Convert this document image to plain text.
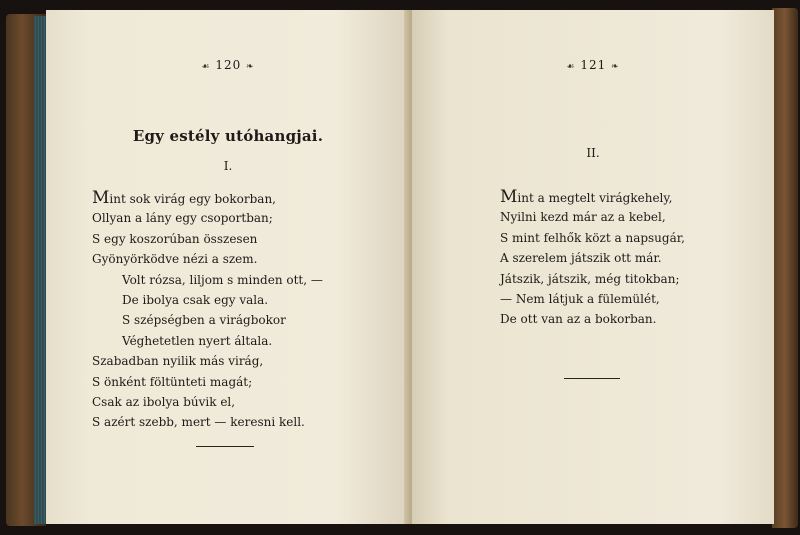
☙ 120 ❧
Egy estély utóhangjai.
I.
Mint sok virág egy bokorban,
Ollyan a lány egy csoportban;
S egy koszorúban összesen
Gyönyörködve nézi a szem.
Volt rózsa, liljom s minden ott, —
De ibolya csak egy vala.
S szépségben a virágbokor
Véghetetlen nyert általa.
Szabadban nyilik más virág,
S önként föltünteti magát;
Csak az ibolya búvik el,
S azért szebb, mert — keresni kell.
☙ 121 ❧
II.
Mint a megtelt virágkehely,
Nyilni kezd már az a kebel,
S mint felhők közt a napsugár,
A szerelem játszik ott már.
Játszik, játszik, még titokban;
— Nem látjuk a fülemülét,
De ott van az a bokorban.
